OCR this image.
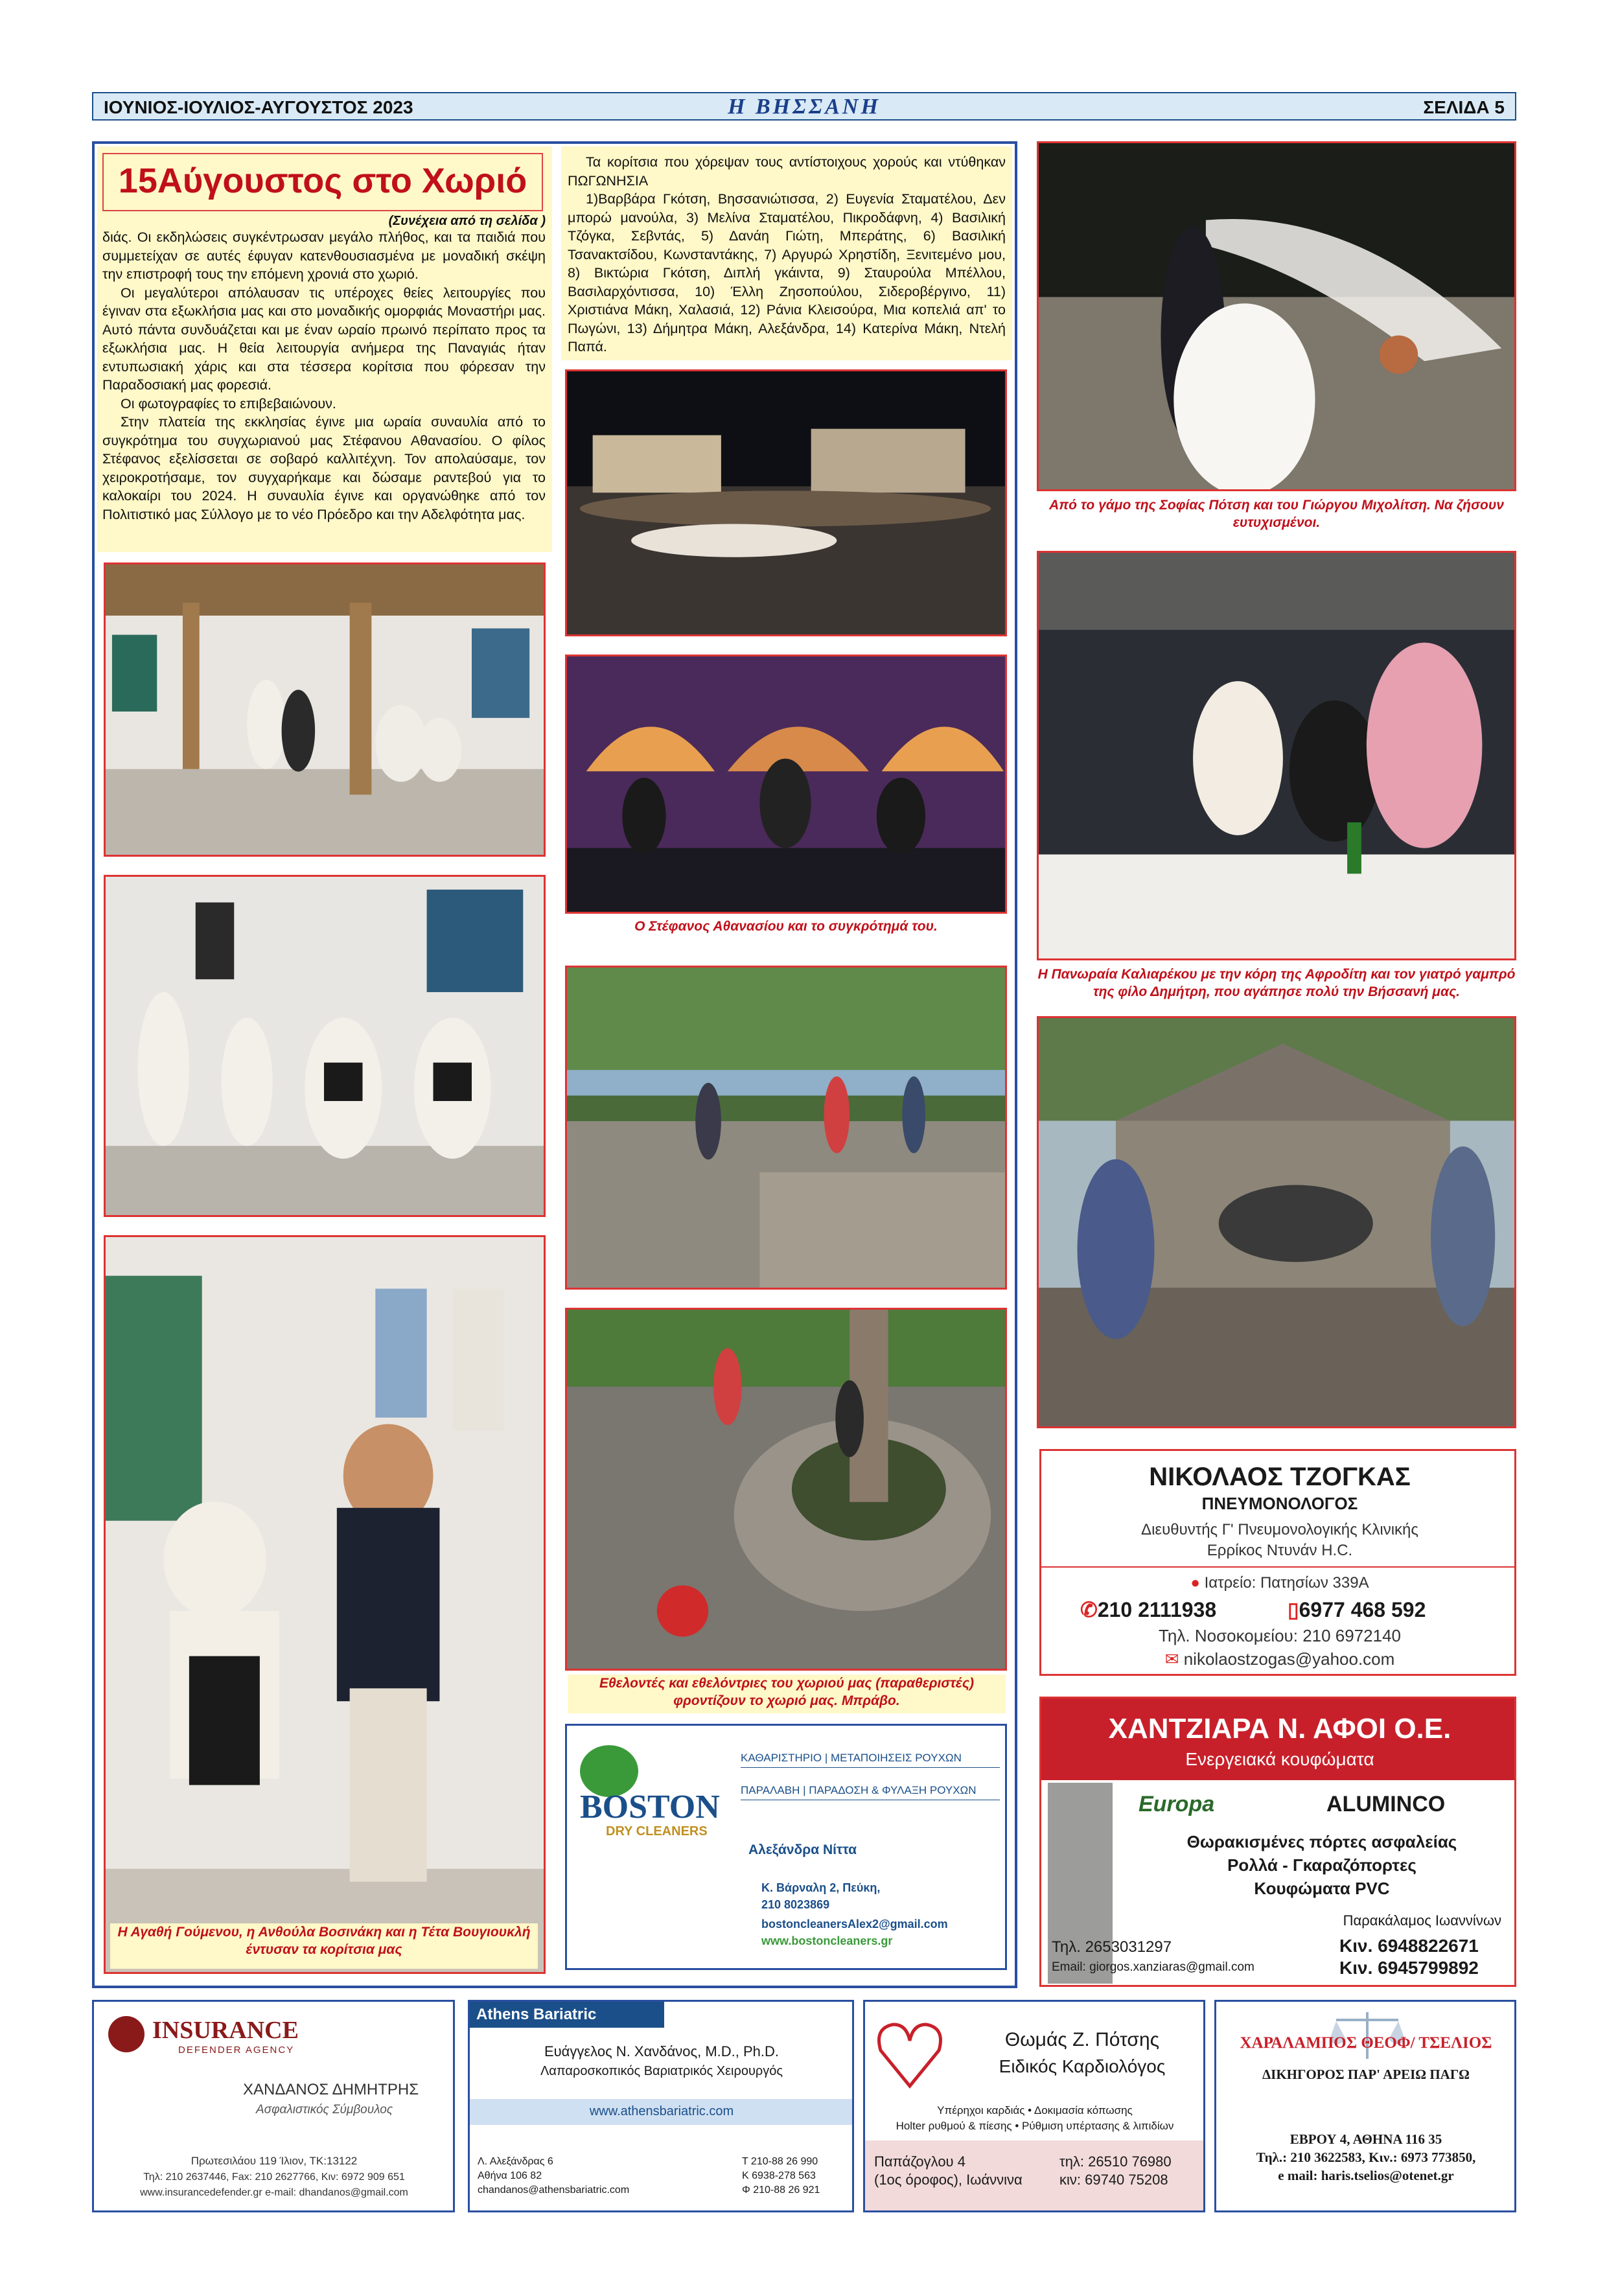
ΙΟΥΝΙΟΣ-ΙΟΥΛΙΟΣ-ΑΥΓΟΥΣΤΟΣ 2023	Η ΒΗΣΣΑΝΗ	ΣΕΛΙΔΑ 5
15Αύγουστος στο Χωριό
(Συνέχεια από τη σελίδα )

διάς. Οι εκδηλώσεις συγκέντρωσαν μεγάλο πλήθος, και τα παιδιά που συμμετείχαν σε αυτές έφυγαν κατενθουσιασμένα με μοναδική σκέψη την επιστροφή τους την επόμενη χρονιά στο χωριό.

Οι μεγαλύτεροι απόλαυσαν τις υπέροχες θείες λειτουργίες που έγιναν στα εξωκλήσια μας και στο μοναδικής ομορφιάς Μοναστήρι μας. Αυτό πάντα συνδυάζεται και με έναν ωραίο πρωινό περίπατο προς τα εξωκλήσια μας. Η θεία λειτουργία ανήμερα της Παναγιάς ήταν εντυπωσιακή χάρις και στα τέσσερα κορίτσια που φόρεσαν την Παραδοσιακή μας φορεσιά.

Οι φωτογραφίες το επιβεβαιώνουν.

Στην πλατεία της εκκλησίας έγινε μια ωραία συναυλία από το συγκρότημα του συγχωριανού μας Στέφανου Αθανασίου. Ο φίλος Στέφανος εξελίσσεται σε σοβαρό καλλιτέχνη. Τον απολαύσαμε, τον χειροκροτήσαμε, τον συγχαρήκαμε και δώσαμε ραντεβού για το καλοκαίρι του 2024. Η συναυλία έγινε και οργανώθηκε από τον Πολιτιστικό μας Σύλλογο με το νέο Πρόεδρο και την Αδελφότητα μας.

Τα κορίτσια που χόρεψαν τους αντίστοιχους χορούς και ντύθηκαν ΠΩΓΩΝΗΣΙΑ

1)Βαρβάρα Γκότση, Βησσανιώτισσα, 2) Ευγενία Σταματέλου, Δεν μπορώ μανούλα, 3) Μελίνα Σταματέλου, Πικροδάφνη, 4) Βασιλική Τζόγκα, Σεβντάς, 5) Δανάη Γιώτη, Μπεράτης, 6) Βασιλική Τσανακτσίδου, Κωνσταντάκης, 7) Αργυρώ Χρηστίδη, Ξενιτεμένο μου, 8) Βικτώρια Γκότση, Διπλή γκάιντα, 9) Σταυρούλα Μπέλλου, Βασιλαρχόντισσα, 10) Έλλη Ζησοπούλου, Σιδεροβέργινο, 11) Χριστιάνα Μάκη, Χαλασιά, 12) Ράνια Κλεισούρα, Μια κοπελιά απ' το Πωγώνι, 13) Δήμητρα Μάκη, Αλεξάνδρα, 14) Κατερίνα Μάκη, Ντελή Παπά.

Η Αγαθή Γούμενου, η Ανθούλα Βοσινάκη και η Τέτα Βουγιουκλή έντυσαν τα κορίτσια μας
Ο Στέφανος Αθανασίου και το συγκρότημά του.
Εθελοντές και εθελόντριες του χωριού μας (παραθεριστές) φροντίζουν το χωριό μας. Μπράβο.
BOSTON
DRY CLEANERS
ΚΑΘΑΡΙΣΤΗΡΙΟ | ΜΕΤΑΠΟΙΗΣΕΙΣ ΡΟΥΧΩΝ
ΠΑΡΑΛΑΒΗ | ΠΑΡΑΔΟΣΗ & ΦΥΛΑΞΗ ΡΟΥΧΩΝ
Αλεξάνδρα Νίττα
Κ. Βάρναλη 2, Πεύκη,
210 8023869
bostoncleanersAlex2@gmail.com
www.bostoncleaners.gr
Από το γάμο της Σοφίας Πότση και του Γιώργου Μιχολίτση. Να ζήσουν ευτυχισμένοι.
Η Πανωραία Καλιαρέκου με την κόρη της Αφροδίτη και τον γιατρό γαμπρό της φίλο Δημήτρη, που αγάπησε πολύ την Βήσσανή μας.
ΝΙΚΟΛΑΟΣ ΤΖΟΓΚΑΣ
ΠΝΕΥΜΟΝΟΛΟΓΟΣ
Διευθυντής Γ' Πνευμονολογικής Κλινικής
Ερρίκος Ντυνάν Η.C.
● Ιατρείο: Πατησίων 339Α
✆210 2111938	▯6977 468 592
Τηλ. Νοσοκομείου: 210 6972140
✉ nikolaostzogas@yahoo.com
ΧΑΝΤΖΙΑΡΑ Ν. ΑΦΟΙ Ο.Ε.
Ενεργειακά κουφώματα
Europa	ALUMINCO
Θωρακισμένες πόρτες ασφαλείας
Ρολλά - Γκαραζόπορτες
Κουφώματα PVC
Παρακάλαμος Ιωαννίνων
Τηλ. 2653031297
Email: giorgos.xanziaras@gmail.com
Κιν. 6948822671
Κιν. 6945799892
INSURANCE
DEFENDER AGENCY
ΧΑΝΔΑΝΟΣ ΔΗΜΗΤΡΗΣ
Ασφαλιστικός Σύμβουλος
Πρωτεσιλάου 119 Ίλιον, ΤΚ:13122
Τηλ: 210 2637446, Fax: 210 2627766, Κιν: 6972 909 651
www.insurancedefender.gr e-mail: dhandanos@gmail.com
Athens Bariatric
Ευάγγελος Ν. Χανδάνος, M.D., Ph.D.
Λαπαροσκοπικός Βαριατρικός Χειρουργός
www.athensbariatric.com
Λ. Αλεξάνδρας 6
Αθήνα 106 82
chandanos@athensbariatric.com
Τ 210-88 26 990
Κ 6938-278 563
Φ 210-88 26 921
Θωμάς Ζ. Πότσης
Ειδικός Καρδιολόγος
Υπέρηχοι καρδιάς • Δοκιμασία κόπωσης
Holter ρυθμού & πίεσης • Ρύθμιση υπέρτασης & λιπιδίων
Παπάζογλου 4
(1ος όροφος), Ιωάννινα
τηλ: 26510 76980
κιν: 69740 75208
ΧΑΡΑΛΑΜΠΟΣ ΘΕΟΦ/ ΤΣΕΛΙΟΣ
ΔΙΚΗΓΟΡΟΣ ΠΑΡ' ΑΡΕΙΩ ΠΑΓΩ
ΕΒΡΟΥ 4, ΑΘΗΝΑ 116 35
Τηλ.: 210 3622583, Κιν.: 6973 773850,
e mail: haris.tselios@otenet.gr
